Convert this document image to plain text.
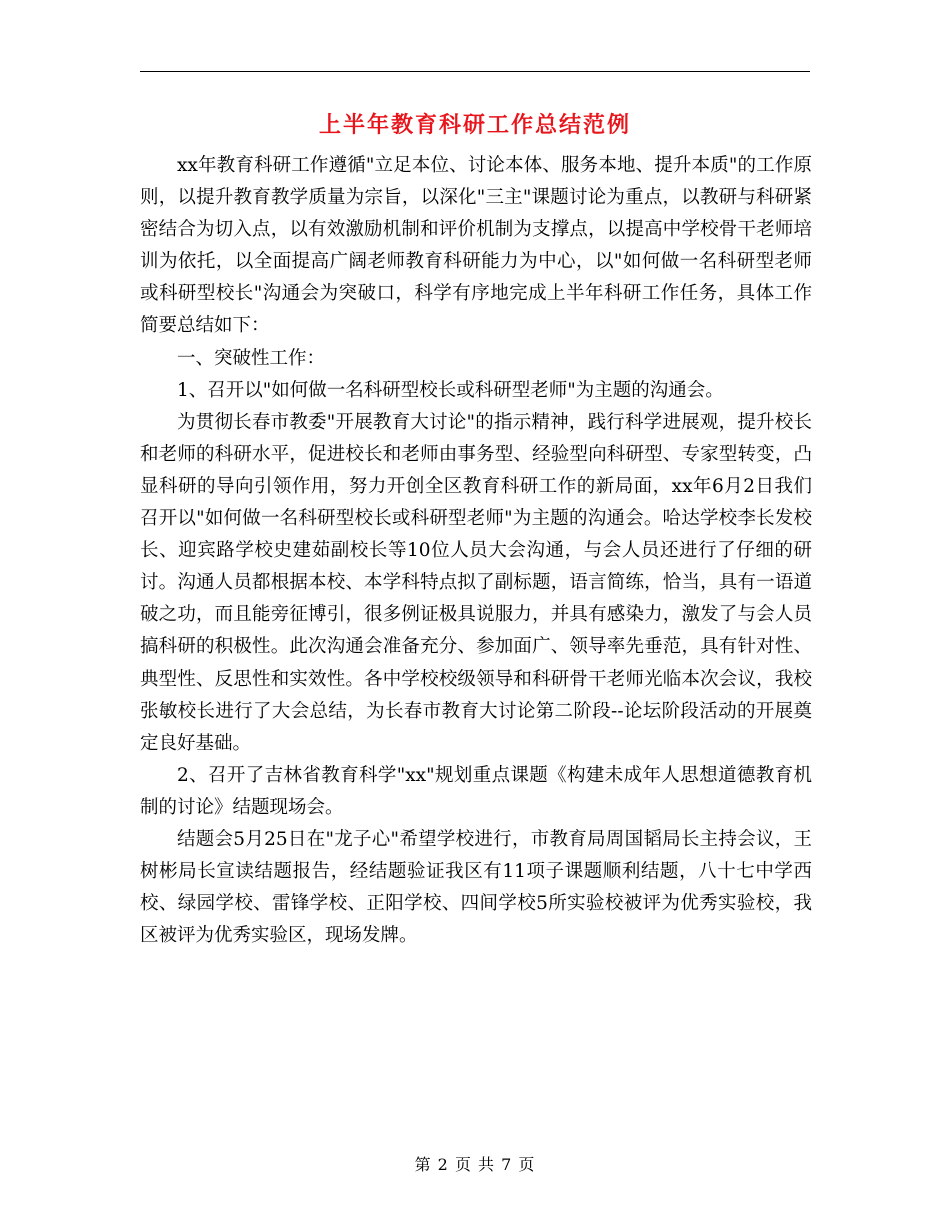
上半年教育科研工作总结范例

xx年教育科研工作遵循"立足本位、讨论本体、服务本地、提升本质"的工作原则，以提升教育教学质量为宗旨，以深化"三主"课题讨论为重点，以教研与科研紧密结合为切入点，以有效激励机制和评价机制为支撑点，以提高中学校骨干老师培训为依托，以全面提高广阔老师教育科研能力为中心，以"如何做一名科研型老师或科研型校长"沟通会为突破口，科学有序地完成上半年科研工作任务，具体工作简要总结如下：

一、突破性工作：

1、召开以"如何做一名科研型校长或科研型老师"为主题的沟通会。

为贯彻长春市教委"开展教育大讨论"的指示精神，践行科学进展观，提升校长和老师的科研水平，促进校长和老师由事务型、经验型向科研型、专家型转变，凸显科研的导向引领作用，努力开创全区教育科研工作的新局面，xx年6月2日我们召开以"如何做一名科研型校长或科研型老师"为主题的沟通会。哈达学校李长发校长、迎宾路学校史建茹副校长等10位人员大会沟通，与会人员还进行了仔细的研讨。沟通人员都根据本校、本学科特点拟了副标题，语言简练，恰当，具有一语道破之功，而且能旁征博引，很多例证极具说服力，并具有感染力，激发了与会人员搞科研的积极性。此次沟通会准备充分、参加面广、领导率先垂范，具有针对性、典型性、反思性和实效性。各中学校校级领导和科研骨干老师光临本次会议，我校张敏校长进行了大会总结，为长春市教育大讨论第二阶段--论坛阶段活动的开展奠定良好基础。

2、召开了吉林省教育科学"xx"规划重点课题《构建未成年人思想道德教育机制的讨论》结题现场会。

结题会5月25日在"龙子心"希望学校进行，市教育局周国韬局长主持会议，王树彬局长宣读结题报告，经结题验证我区有11项子课题顺利结题，八十七中学西校、绿园学校、雷锋学校、正阳学校、四间学校5所实验校被评为优秀实验校，我区被评为优秀实验区，现场发牌。

第 2 页 共 7 页
